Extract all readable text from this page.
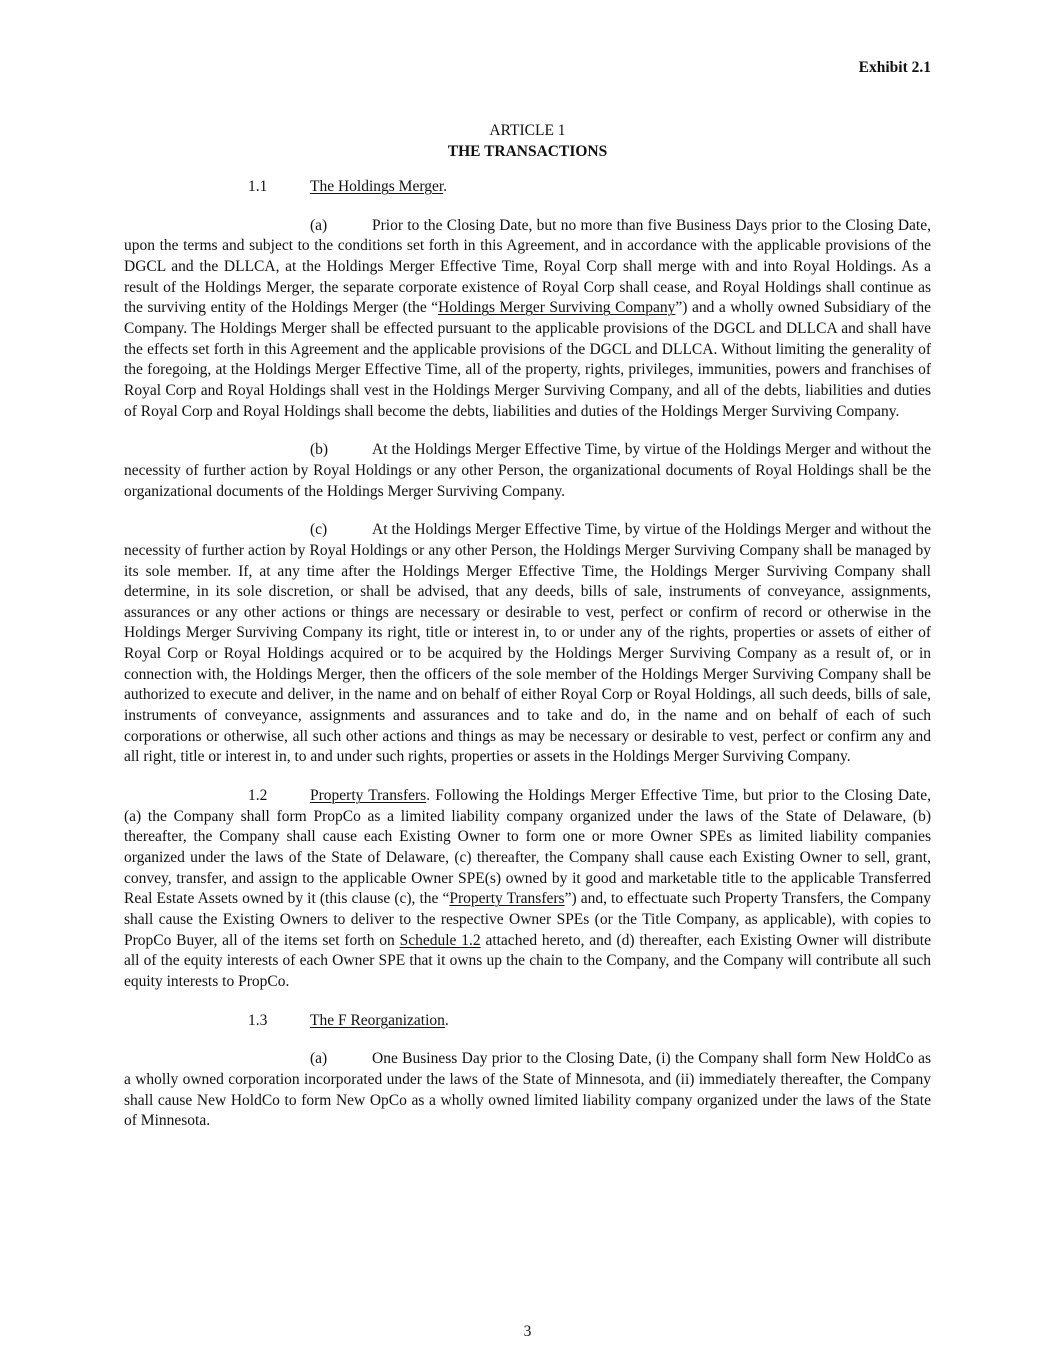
Exhibit 2.1
ARTICLE 1
THE TRANSACTIONS
1.1	The Holdings Merger.

(a)	Prior to the Closing Date, but no more than five Business Days prior to the Closing Date, upon the terms and subject to the conditions set forth in this Agreement, and in accordance with the applicable provisions of the DGCL and the DLLCA, at the Holdings Merger Effective Time, Royal Corp shall merge with and into Royal Holdings. As a result of the Holdings Merger, the separate corporate existence of Royal Corp shall cease, and Royal Holdings shall continue as the surviving entity of the Holdings Merger (the “Holdings Merger Surviving Company”) and a wholly owned Subsidiary of the Company. The Holdings Merger shall be effected pursuant to the applicable provisions of the DGCL and DLLCA and shall have the effects set forth in this Agreement and the applicable provisions of the DGCL and DLLCA. Without limiting the generality of the foregoing, at the Holdings Merger Effective Time, all of the property, rights, privileges, immunities, powers and franchises of Royal Corp and Royal Holdings shall vest in the Holdings Merger Surviving Company, and all of the debts, liabilities and duties of Royal Corp and Royal Holdings shall become the debts, liabilities and duties of the Holdings Merger Surviving Company.

(b)	At the Holdings Merger Effective Time, by virtue of the Holdings Merger and without the necessity of further action by Royal Holdings or any other Person, the organizational documents of Royal Holdings shall be the organizational documents of the Holdings Merger Surviving Company.

(c)	At the Holdings Merger Effective Time, by virtue of the Holdings Merger and without the necessity of further action by Royal Holdings or any other Person, the Holdings Merger Surviving Company shall be managed by its sole member. If, at any time after the Holdings Merger Effective Time, the Holdings Merger Surviving Company shall determine, in its sole discretion, or shall be advised, that any deeds, bills of sale, instruments of conveyance, assignments, assurances or any other actions or things are necessary or desirable to vest, perfect or confirm of record or otherwise in the Holdings Merger Surviving Company its right, title or interest in, to or under any of the rights, properties or assets of either of Royal Corp or Royal Holdings acquired or to be acquired by the Holdings Merger Surviving Company as a result of, or in connection with, the Holdings Merger, then the officers of the sole member of the Holdings Merger Surviving Company shall be authorized to execute and deliver, in the name and on behalf of either Royal Corp or Royal Holdings, all such deeds, bills of sale, instruments of conveyance, assignments and assurances and to take and do, in the name and on behalf of each of such corporations or otherwise, all such other actions and things as may be necessary or desirable to vest, perfect or confirm any and all right, title or interest in, to and under such rights, properties or assets in the Holdings Merger Surviving Company.

1.2	Property Transfers. Following the Holdings Merger Effective Time, but prior to the Closing Date, (a) the Company shall form PropCo as a limited liability company organized under the laws of the State of Delaware, (b) thereafter, the Company shall cause each Existing Owner to form one or more Owner SPEs as limited liability companies organized under the laws of the State of Delaware, (c) thereafter, the Company shall cause each Existing Owner to sell, grant, convey, transfer, and assign to the applicable Owner SPE(s) owned by it good and marketable title to the applicable Transferred Real Estate Assets owned by it (this clause (c), the “Property Transfers”) and, to effectuate such Property Transfers, the Company shall cause the Existing Owners to deliver to the respective Owner SPEs (or the Title Company, as applicable), with copies to PropCo Buyer, all of the items set forth on Schedule 1.2 attached hereto, and (d) thereafter, each Existing Owner will distribute all of the equity interests of each Owner SPE that it owns up the chain to the Company, and the Company will contribute all such equity interests to PropCo.

1.3	The F Reorganization.

(a)	One Business Day prior to the Closing Date, (i) the Company shall form New HoldCo as a wholly owned corporation incorporated under the laws of the State of Minnesota, and (ii) immediately thereafter, the Company shall cause New HoldCo to form New OpCo as a wholly owned limited liability company organized under the laws of the State of Minnesota.

3
